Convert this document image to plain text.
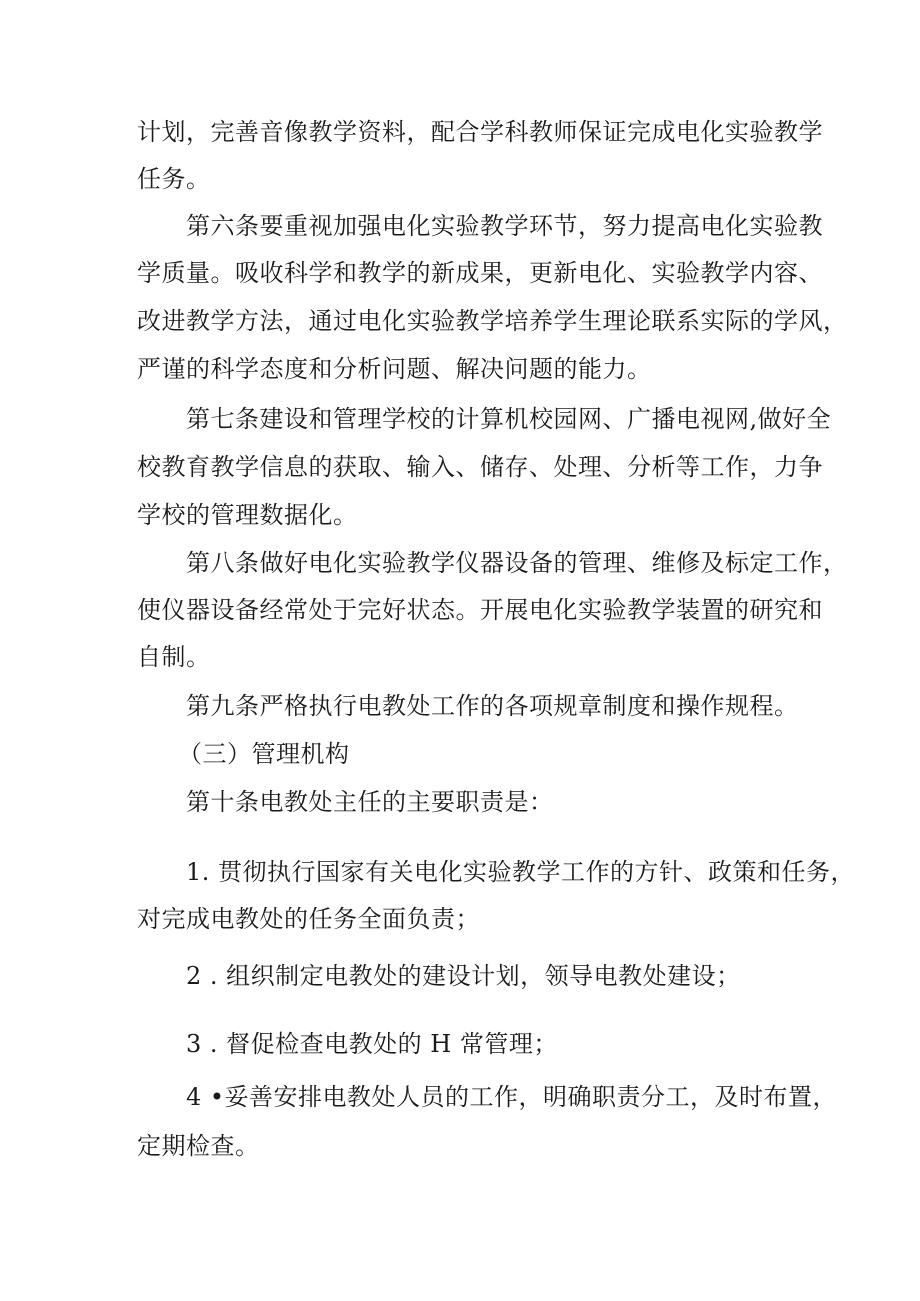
计划，完善音像教学资料，配合学科教师保证完成电化实验教学
任务。
第六条要重视加强电化实验教学环节，努力提高电化实验教
学质量。吸收科学和教学的新成果，更新电化、实验教学内容、
改进教学方法，通过电化实验教学培养学生理论联系实际的学风，
严谨的科学态度和分析问题、解决问题的能力。
第七条建设和管理学校的计算机校园网、广播电视网,做好全
校教育教学信息的获取、输入、储存、处理、分析等工作，力争
学校的管理数据化。
第八条做好电化实验教学仪器设备的管理、维修及标定工作，
使仪器设备经常处于完好状态。开展电化实验教学装置的研究和
自制。
第九条严格执行电教处工作的各项规章制度和操作规程。
（三）管理机构
第十条电教处主任的主要职责是：
1. 贯彻执行国家有关电化实验教学工作的方针、政策和任务，
对完成电教处的任务全面负责；
2 . 组织制定电教处的建设计划，领导电教处建设；
3 . 督促检查电教处的 H 常管理；
4 •妥善安排电教处人员的工作，明确职责分工，及时布置，
定期检查。
